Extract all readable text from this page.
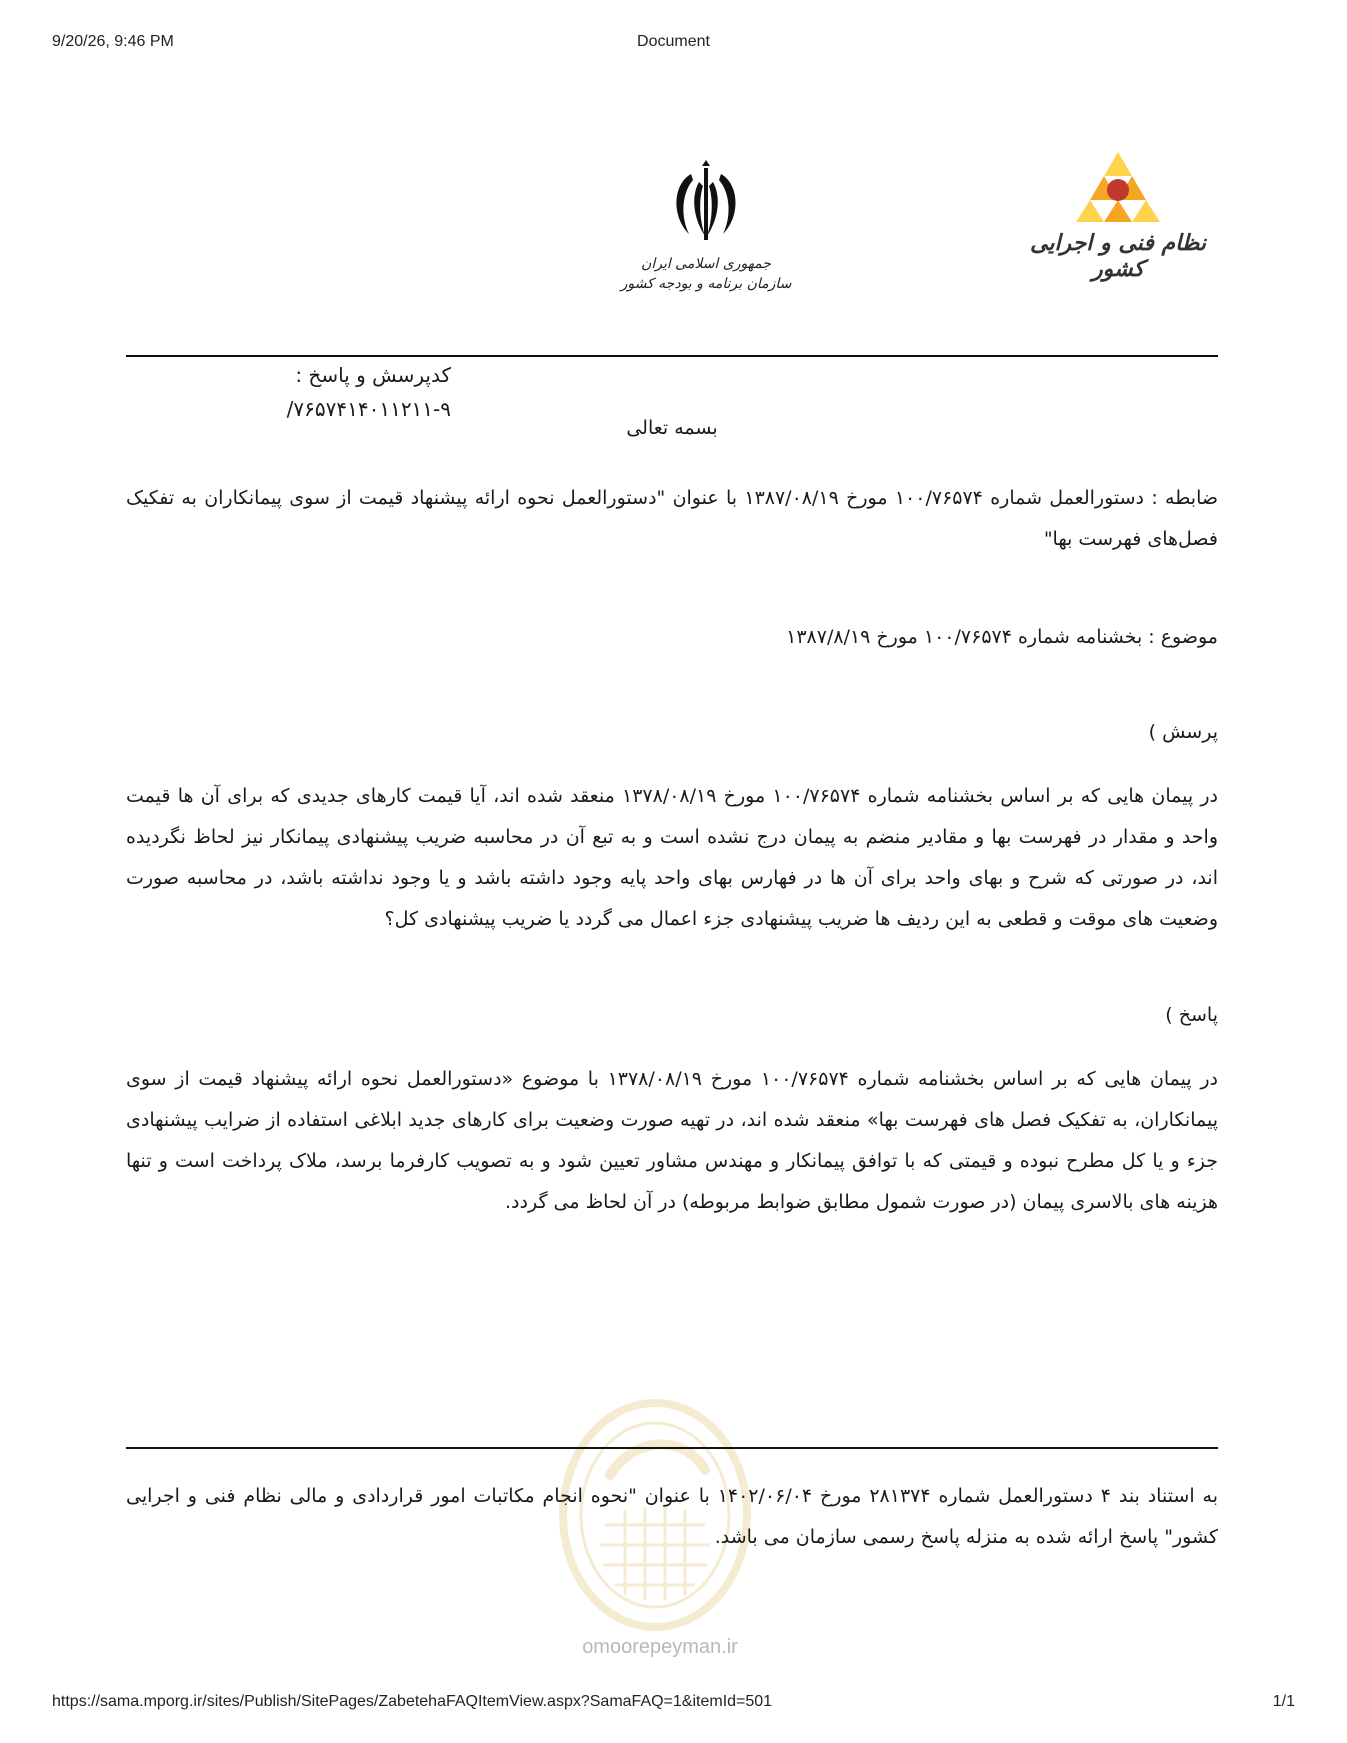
9/20/26, 9:46 PM	Document
کدپرسش و پاسخ :
۷۶۵۷۴۱۴۰۱۱۲۱۱-۹/
جمهوری اسلامی ایران
سازمان برنامه و بودجه کشور
نظام فنی و اجرایی کشور
omoorepeyman.ir
بسمه تعالی
ضابطه : دستورالعمل شماره ۱۰۰/۷۶۵۷۴ مورخ ۱۳۸۷/۰۸/۱۹ با عنوان "دستورالعمل نحوه ارائه پیشنهاد قیمت از سوی پیمانکاران به تفکیک فصل‌های فهرست بها"
موضوع : بخشنامه شماره ۱۰۰/۷۶۵۷۴ مورخ ۱۳۸۷/۸/۱۹
پرسش )
در پیمان هایی که بر اساس بخشنامه شماره ۱۰۰/۷۶۵۷۴ مورخ ۱۳۷۸/۰۸/۱۹ منعقد شده اند، آیا قیمت کارهای جدیدی که برای آن ها قیمت واحد و مقدار در فهرست بها و مقادیر منضم به پیمان درج نشده است و به تبع آن در محاسبه ضریب پیشنهادی پیمانکار نیز لحاظ نگردیده اند، در صورتی که شرح و بهای واحد برای آن ها در فهارس بهای واحد پایه وجود داشته باشد و یا وجود نداشته باشد، در محاسبه صورت وضعیت های موقت و قطعی به این ردیف ها ضریب پیشنهادی جزء اعمال می گردد یا ضریب پیشنهادی کل؟
پاسخ )
در پیمان هایی که بر اساس بخشنامه شماره ۱۰۰/۷۶۵۷۴ مورخ ۱۳۷۸/۰۸/۱۹ با موضوع «دستورالعمل نحوه ارائه پیشنهاد قیمت از سوی پیمانکاران، به تفکیک فصل های فهرست بها» منعقد شده اند، در تهیه صورت وضعیت برای کارهای جدید ابلاغی استفاده از ضرایب پیشنهادی جزء و یا کل مطرح نبوده و قیمتی که با توافق پیمانکار و مهندس مشاور تعیین شود و به تصویب کارفرما برسد، ملاک پرداخت است و تنها هزینه های بالاسری پیمان (در صورت شمول مطابق ضوابط مربوطه) در آن لحاظ می گردد.
به استناد بند ۴ دستورالعمل شماره ۲۸۱۳۷۴ مورخ ۱۴۰۲/۰۶/۰۴ با عنوان "نحوه انجام مکاتبات امور قراردادی و مالی نظام فنی و اجرایی کشور" پاسخ ارائه شده به منزله پاسخ رسمی سازمان می باشد.
https://sama.mporg.ir/sites/Publish/SitePages/ZabetehaFAQItemView.aspx?SamaFAQ=1&itemId=501	1/1
